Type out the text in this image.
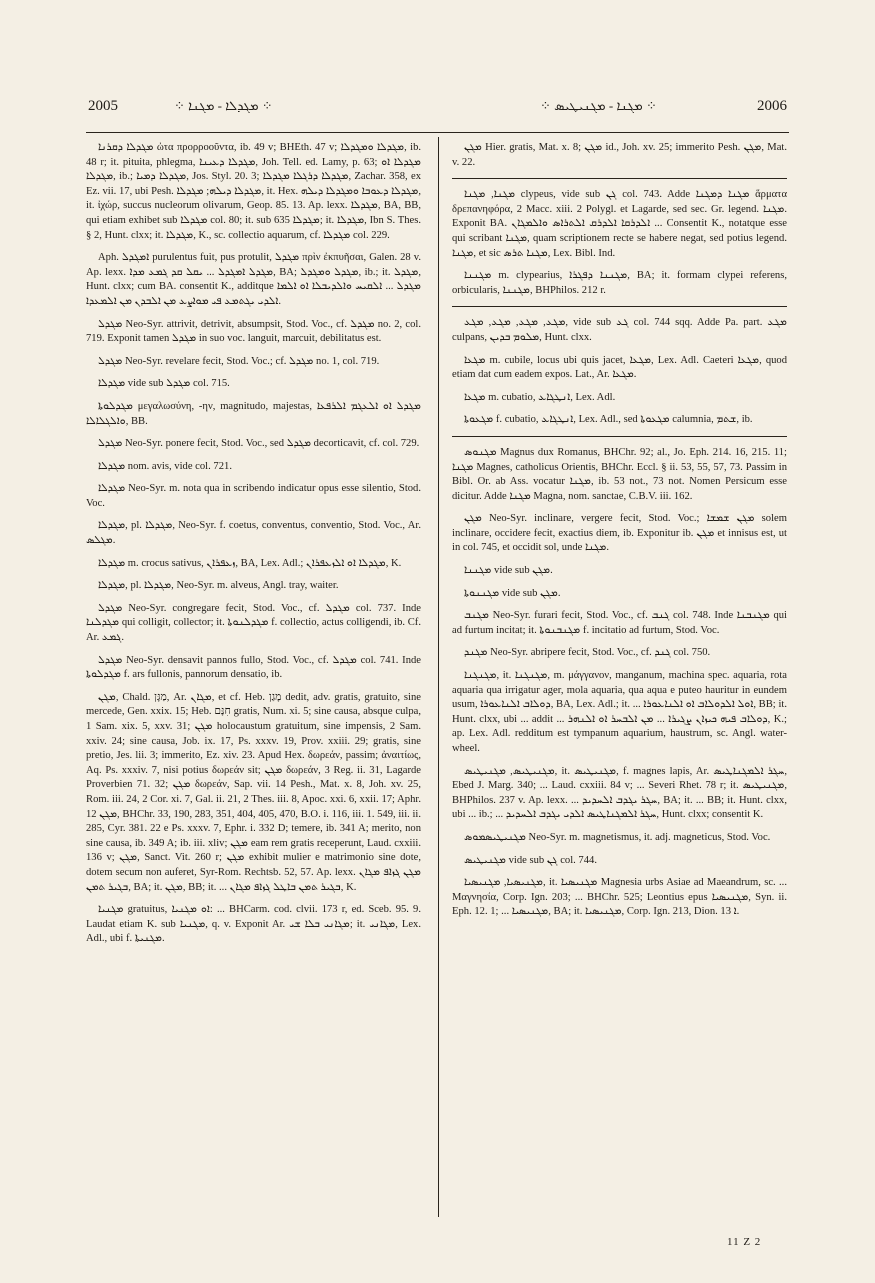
2005	⁘ ܡܓܕܠܐ - ܡܓܢܐ ⁘	⁘ ܡܓܢܐ - ܡܓܢܝܛܝܣ ⁘	2006

ܡܓܕܠܐ ܕܩܪܢܐ ὠτα προρροοῦντα, ib. 49 v; BHEth. 47 v; ܡܓܕܠܐ ܘܡܓܕܠܐ, ib. 48 r; it. pituita, phlegma, ܡܓܕܠܐ ܕܥܝܢܐ, Joh. Tell. ed. Lamy, p. 63; ܡܓܕܠܐ ܐܘ ܡܓܕܠܐ, ib.; ܡܓܕܠܐ ܕܡܝܐ, Jos. Styl. 20. 3; ܡܓܕܠܐ ܕܪܓܠܐ ܡܓܕܠܐ, Zachar. 358, ex Ez. vii. 17, ubi Pesh. ܡܓܕܠܐ ܕܝܠܗ; ܡܓܕܠܐ, it. Hex. ܡܓܕܠܐ ܕܥܘܒܐ ܘܡܓܕܠܐ ܕܝܠܗ, it. ἰχώρ, succus nucleorum olivarum, Geop. 85. 13. Ap. lexx. ܡܓܕܠܐ, BA, BB, qui etiam exhibet sub ܡܓܕܠܐ col. 80; it. sub ܡܓܕܠܐ 635; it. ܡܓܕܠܐ, Ibn S. Thes. § 2, Hunt. clxx; it. ܡܓܕܠܐ, K., sc. collectio aquarum, cf. ܡܓܕܠܐ col. 229.

Aph. ܐܡܓܕܠ purulentus fuit, pus protulit, ܡܓܕܠ πρὶν ἐκπυῆσαι, Galen. 28 v. Ap. lexx. ܡܓܕܠ ܐܡܓܕܠ ... ܝܩܠ ܩܕ ܓܡܥ ܡܕܐ, BA; ܡܓܕܠ ܘܡܓܕܠ, ib.; it. ܡܓܕܠ, Hunt. clxx; cum BA. consentit K., additque ܡܓܕܠ ... ܐܠܩܝܚ ܘܐܠܕܝܒܠܐ ܐܘ ܐܠܡܐ ܐܠܕܝ ܝܓܬܡܥ ܦܝ ܡܘܐܨܥ ܡܢ ܐܠܒܕܢ ܡܢ ܐܠܡܥܕܐ.

ܡܓܕܠ Neo-Syr. attrivit, detrivit, absumpsit, Stod. Voc., cf. ܡܓܕܠ no. 2, col. 719. Exponit tamen ܡܓܕܠ in suo voc. languit, marcuit, debilitatus est.

ܡܓܕܠ Neo-Syr. revelare fecit, Stod. Voc.; cf. ܡܓܕܠ no. 1, col. 719.

ܡܓܕܠܐ vide sub ܡܓܕܠ col. 715.

ܡܓܕܠܘܬܐ μεγαλωσύνη, -ην, magnitudo, majestas, ܡܓܕܠ ܐܘ ܐܠܥܓܡ ܐܠܪܦܥܐ ܘܐܠܓܠܐܠܐ, BB.

ܡܓܕܠ Neo-Syr. ponere fecit, Stod. Voc., sed ܡܓܕܠ decorticavit, cf. col. 729.

ܡܓܕܠܐ nom. avis, vide col. 721.

ܡܓܕܠܐ Neo-Syr. m. nota qua in scribendo indicatur opus esse silentio, Stod. Voc.

ܡܓܕܠܐ, pl. ܡܓܕܠܐ, Neo-Syr. f. coetus, conventus, conventio, Stod. Voc., Ar. ܡܓܠܣ.

ܡܓܕܠܐ m. crocus sativus, ܙܥܦܪܐܢ, BA, Lex. Adl.; ܡܓܕܠܐ ܐܘ ܐܠܙܥܦܪܐܢ, K.

ܡܓܕܠܐ, pl. ܡܓܕܠܐ, Neo-Syr. m. alveus, Angl. tray, waiter.

ܡܓܕܠ Neo-Syr. congregare fecit, Stod. Voc., cf. ܡܓܕܠ col. 737. Inde ܡܓܕܠܢܐ qui colligit, collector; it. ܡܓܕܠܢܘܬܐ f. collectio, actus colligendi, ib. Cf. Ar. ܓܡܥ.

ܡܓܕܠ Neo-Syr. densavit pannos fullo, Stod. Voc., cf. ܡܓܕܠ col. 741. Inde ܡܓܕܠܘܬܐ f. ars fullonis, pannorum densatio, ib.

ܡܓܢ, Chald. מַגָּן, Ar. ܡܓܐܢ, et cf. Heb. מָגַן dedit, adv. gratis, gratuito, sine mercede, Gen. xxix. 15; Heb. חִנָּם gratis, Num. xi. 5; sine causa, absque culpa, 1 Sam. xix. 5, xxv. 31; ܡܓܢ holocaustum gratuitum, sine impensis, 2 Sam. xxiv. 24; sine causa, Job. ix. 17, Ps. xxxv. 19, Prov. xxiii. 29; gratis, sine pretio, Jes. lii. 3; immerito, Ez. xiv. 23. Apud Hex. δωρεάν, passim; ἀναιτίως, Aq. Ps. xxxiv. 7, nisi potius δωρεάν sit; ܡܓܢ δωρεάν, 3 Reg. ii. 31, Lagarde Proverbien 71. 32; ܡܓܢ δωρεάν, Sap. vii. 14 Pesh., Mat. x. 8, Joh. xv. 25, Rom. iii. 24, 2 Cor. xi. 7, Gal. ii. 21, 2 Thes. iii. 8, Apoc. xxi. 6, xxii. 17; Aphr. ܡܓܢ 12, BHChr. 33, 190, 283, 351, 404, 405, 470, B.O. i. 116, iii. 1. 549, iii. ii. 285, Cyr. 381. 22 e Ps. xxxv. 7, Ephr. i. 332 D; temere, ib. 341 A; merito, non sine causa, ib. 349 A; ib. iii. xliv; ܡܓܢ eam rem gratis receperunt, Laud. cxxiii. 136 v; ܡܓܢ, Sanct. Vit. 260 r; ܡܓܢ exhibit mulier e matrimonio sine dote, dotem secum non auferet, Syr-Rom. Rechtsb. 52, 57. Ap. lexx. ܡܓܢ ܓܙܐܦ ܡܓܐܢ ܒܓܝܪ ܬܡܢ, BA; it. ܡܓܢ, BB; it. ... ܒܓܝܪ ܬܡܢ ܒܐܛܠ ܓܙܐܦ ܡܓܐܢ, K.

ܡܓܢܝܐ gratuitus, ܐܘ ܡܓܢܝܐ: ... BHCarm. cod. clvii. 173 r, ed. Sceb. 95. 9. Laudat etiam K. sub ܡܓܢܝܐ, q. v. Exponit Ar. ܡܓܐܢܝ ܒܠܐ ܫܝ; it. ܡܓܐܢܝ, Lex. Adl., ubi f. ܡܓܢܝܬܐ.

ܡܓܢ Hier. gratis, Mat. x. 8; ܡܓܢ id., Joh. xv. 25; immerito Pesh. ܡܓܢ, Mat. v. 22.

ܡܓܢܐ, ܡܓܢܐ clypeus, vide sub ܓܢ col. 743. Adde ܡܓܢܐ ܕܡܓܢܐ ἅρματα δρεπανηφόρα, 2 Macc. xiii. 2 Polygl. et Lagarde, sed sec. Gr. legend. ܡܓܢܐ. Exponit BA. ܐܠܕܪܩܐ ܐܠܕܪܩ ܐܠܬܪܐܣ ܘܐܠܡܓܐܢ ... Consentit K., notatque esse qui scribant ܡܓܢܐ, quam scriptionem recte se habere negat, sed potius legend. ܡܓܢܐ, et sic ܡܓܢܐ ܬܪܣ, Lex. Bibl. Ind.

ܡܓܢܢܐ m. clypearius, ܡܓܢܢܐ ܕܦܓܪܐ, BA; it. formam clypei referens, orbicularis, ܡܓܢܢܐ, BHPhilos. 212 r.

ܡܓܥ, ܡܓܥ, ܡܓܥ, ܡܓܥ, vide sub ܓܥ col. 744 sqq. Adde Pa. part. ܡܓܥ culpans, ܡܠܘܡ ܒܕܝܢ, Hunt. clxx.

ܡܓܥܐ m. cubile, locus ubi quis jacet, ܡܓܥܐ, Lex. Adl. Caeteri ܡܓܥܐ, quod etiam dat cum eadem expos. Lat., Ar. ܡܓܥܐ.

ܡܓܥܐ m. cubatio, ܐܢܛܓܐܥ, Lex. Adl.

ܡܓܥܘܬܐ f. cubatio, ܐܢܛܓܐܥ, Lex. Adl., sed ܡܓܥܘܬܐ calumnia, ܫܬܡ, ib.

ܡܓܢܘܣ Magnus dux Romanus, BHChr. 92; al., Jo. Eph. 214. 16, 215. 11; ܡܓܢܐ Magnes, catholicus Orientis, BHChr. Eccl. § ii. 53, 55, 57, 73. Passim in Bibl. Or. ab Ass. vocatur ܡܓܢܐ, ib. 53 not., 73 not. Nomen Persicum esse dicitur. Adde ܡܓܢܐ Magna, nom. sanctae, C.B.V. iii. 162.

ܡܓܢ Neo-Syr. inclinare, vergere fecit, Stod. Voc.; ܡܓܢ ܫܡܫܐ solem inclinare, occidere fecit, exactius diem, ib. Exponitur ib. ܡܓܢ et innisus est, ut in col. 745, et occidit sol, unde ܡܓܢܐ.

ܡܓܢܢܐ vide sub ܡܓܢ.

ܡܓܢܢܘܬܐ vide sub ܡܓܢ.

ܡܓܢܒ Neo-Syr. furari fecit, Stod. Voc., cf. ܓܢܒ col. 748. Inde ܡܓܢܒܢܐ qui ad furtum incitat; it. ܡܓܢܒܢܘܬܐ f. incitatio ad furtum, Stod. Voc.

ܡܓܢܕ Neo-Syr. abripere fecit, Stod. Voc., cf. ܓܢܕ col. 750.

ܡܓܢܓܢܐ, it. ܡܓܢܓܢܐ, m. μάγγανον, manganum, machina spec. aquaria, rota aquaria qua irrigatur ager, mola aquaria, qua aqua e puteo hauritur in eundem usum, ܕܘܠܐܒ ܐܠܢܐܥܘܪܐ, BA, Lex. Adl.; it. ... ܐܘܠ ܐܠܕܘܠܐܒ ܐܘ ܐܠܢܐܥܘܪܐ, BB; it. Hunt. clxx, ubi ... addit ... ܕܘܠܐܒ ܦܝܗ ܟܝܙܐܢ ܨܓܝܪܐ ... ܡܢ ܐܠܒܚܪ ܐܘ ܐܠܢܗܪ, K.; ap. Lex. Adl. redditum est tympanum aquarium, haustrum, sc. Angl. water-wheel.

ܡܓܢܝܛܝܣ, ܡܓܢܝܛܝܣ, it. ܡܓܢܝܛܝܣ, f. magnes lapis, Ar. ܚܓܪ ܐܠܡܓܢܐܛܝܣ, Ebed J. Marg. 340; ... Laud. cxxiii. 84 v; ... Severi Rhet. 78 r; it. ܡܓܢܝܛܝܣ, BHPhilos. 237 v. Ap. lexx. ... ܚܓܪ ܝܓܕܒ ܐܠܚܕܝܕ, BA; it. ... BB; it. Hunt. clxx, ubi ... ib.; ... ܚܓܪ ܐܠܡܓܢܐܛܝܣ ܐܠܕܝ ܝܓܕܒ ܐܠܚܕܝܕ, Hunt. clxx; consentit K.

ܡܓܢܝܛܝܣܡܘܣ Neo-Syr. m. magnetismus, it. adj. magneticus, Stod. Voc.

ܡܓܢܝܛܝܣ vide sub ܓܢ col. 744.

ܡܓܢܝܣܝܐ, ܡܓܢܝܣܝܐ, it. ܡܓܢܝܣܝܐ Magnesia urbs Asiae ad Maeandrum, sc. ... Μαγνησία, Corp. Ign. 203; ... BHChr. 525; Leontius epus ܡܓܢܝܣܝܐ, Syn. ii. Eph. 12. 1; ... ܡܓܢܝܣܝܐ, BA; it. ܡܓܢܝܣܝܐ, Corp. Ign. 213, Dion. ܐ 13.

11 Z 2
